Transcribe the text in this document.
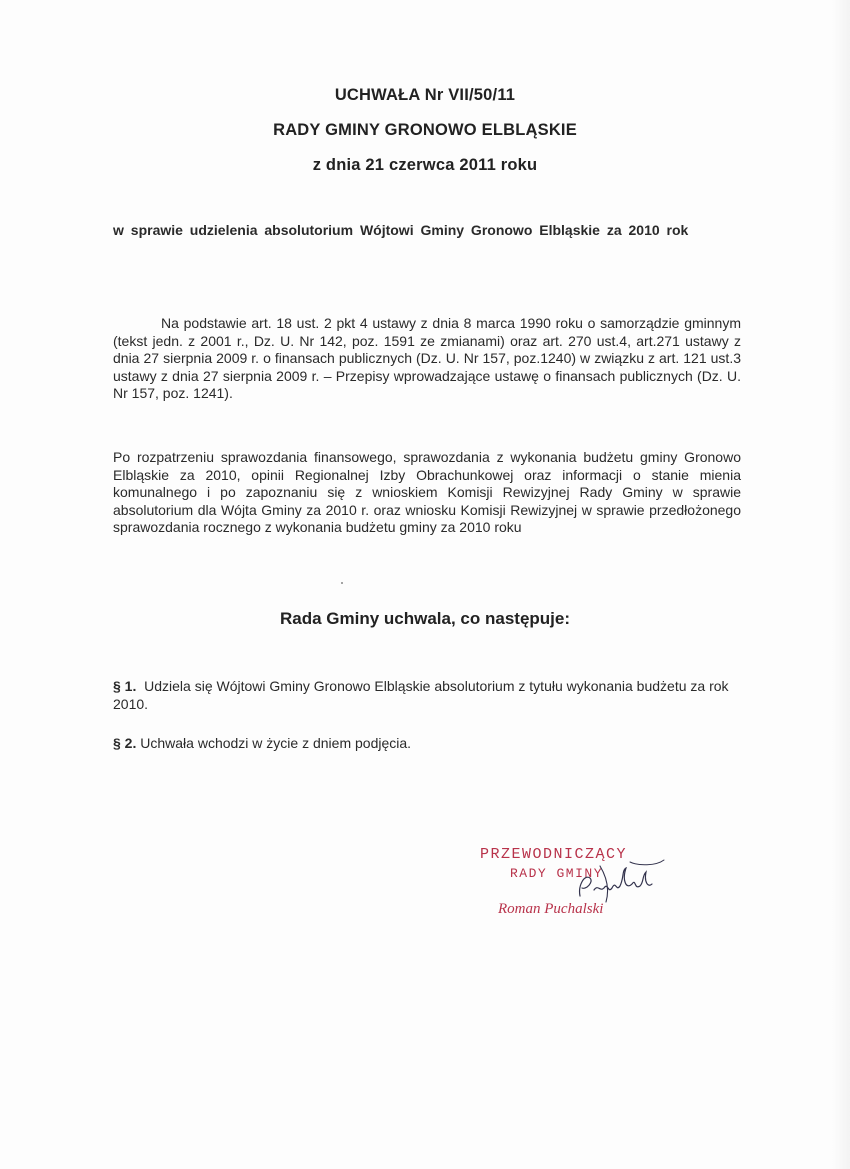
UCHWAŁA Nr VII/50/11
RADY GMINY GRONOWO ELBLĄSKIE
z dnia 21 czerwca 2011 roku
w sprawie udzielenia absolutorium Wójtowi Gminy Gronowo Elbląskie za 2010 rok
Na podstawie art. 18 ust. 2 pkt 4 ustawy z dnia 8 marca 1990 roku o samorządzie gminnym (tekst jedn. z 2001 r., Dz. U. Nr 142, poz. 1591 ze zmianami) oraz art. 270 ust.4, art.271 ustawy z dnia 27 sierpnia 2009 r. o finansach publicznych (Dz. U. Nr 157, poz.1240) w związku z art. 121 ust.3 ustawy z dnia 27 sierpnia 2009 r. – Przepisy wprowadzające ustawę o finansach publicznych (Dz. U. Nr 157, poz. 1241).
Po rozpatrzeniu sprawozdania finansowego, sprawozdania z wykonania budżetu gminy Gronowo Elbląskie za 2010, opinii Regionalnej Izby Obrachunkowej oraz informacji o stanie mienia komunalnego i po zapoznaniu się z wnioskiem Komisji Rewizyjnej Rady Gminy w sprawie absolutorium dla Wójta Gminy za 2010 r. oraz wniosku Komisji Rewizyjnej w sprawie przedłożonego sprawozdania rocznego z wykonania budżetu gminy za 2010 roku
Rada Gminy uchwala, co następuje:
§ 1. Udziela się Wójtowi Gminy Gronowo Elbląskie absolutorium z tytułu wykonania budżetu za rok 2010.
§ 2. Uchwała wchodzi w życie z dniem podjęcia.
PRZEWODNICZĄCY
RADY GMINY
Roman Puchalski
